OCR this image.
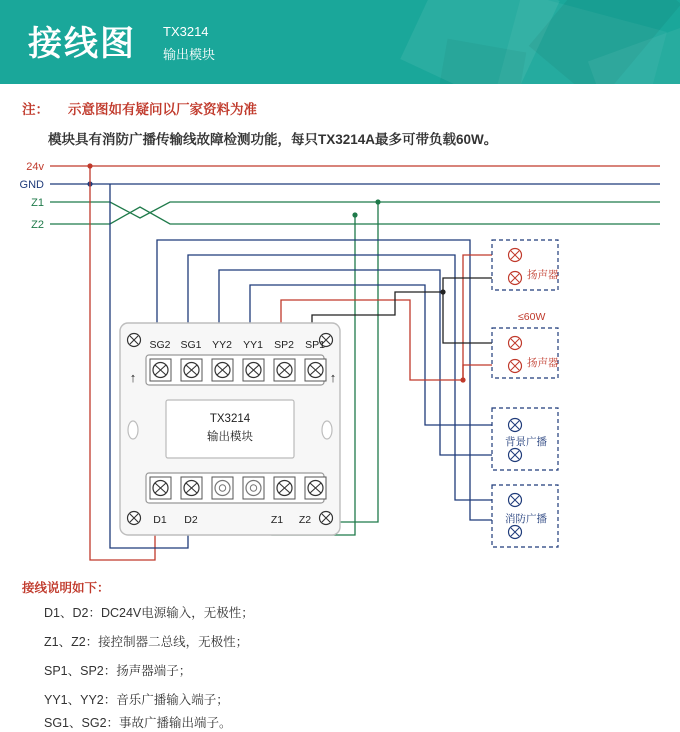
接线图 TX3214
输出模块
注： 示意图如有疑问以厂家资料为准
模块具有消防广播传输线故障检测功能，每只TX3214A最多可带负载60W。
24v
GND
Z1
Z2
SG2 SG1 YY2 YY1 SP2 SP1
↑	↑
TX3214
输出模块
D1 D2	Z1 Z2
扬声器
≤60W
扬声器
背景广播
消防广播
接线说明如下：
D1、D2：DC24V电源输入，无极性；
Z1、Z2：接控制器二总线，无极性；
SP1、SP2：扬声器端子；
YY1、YY2：音乐广播输入端子；
SG1、SG2：事故广播输出端子。
